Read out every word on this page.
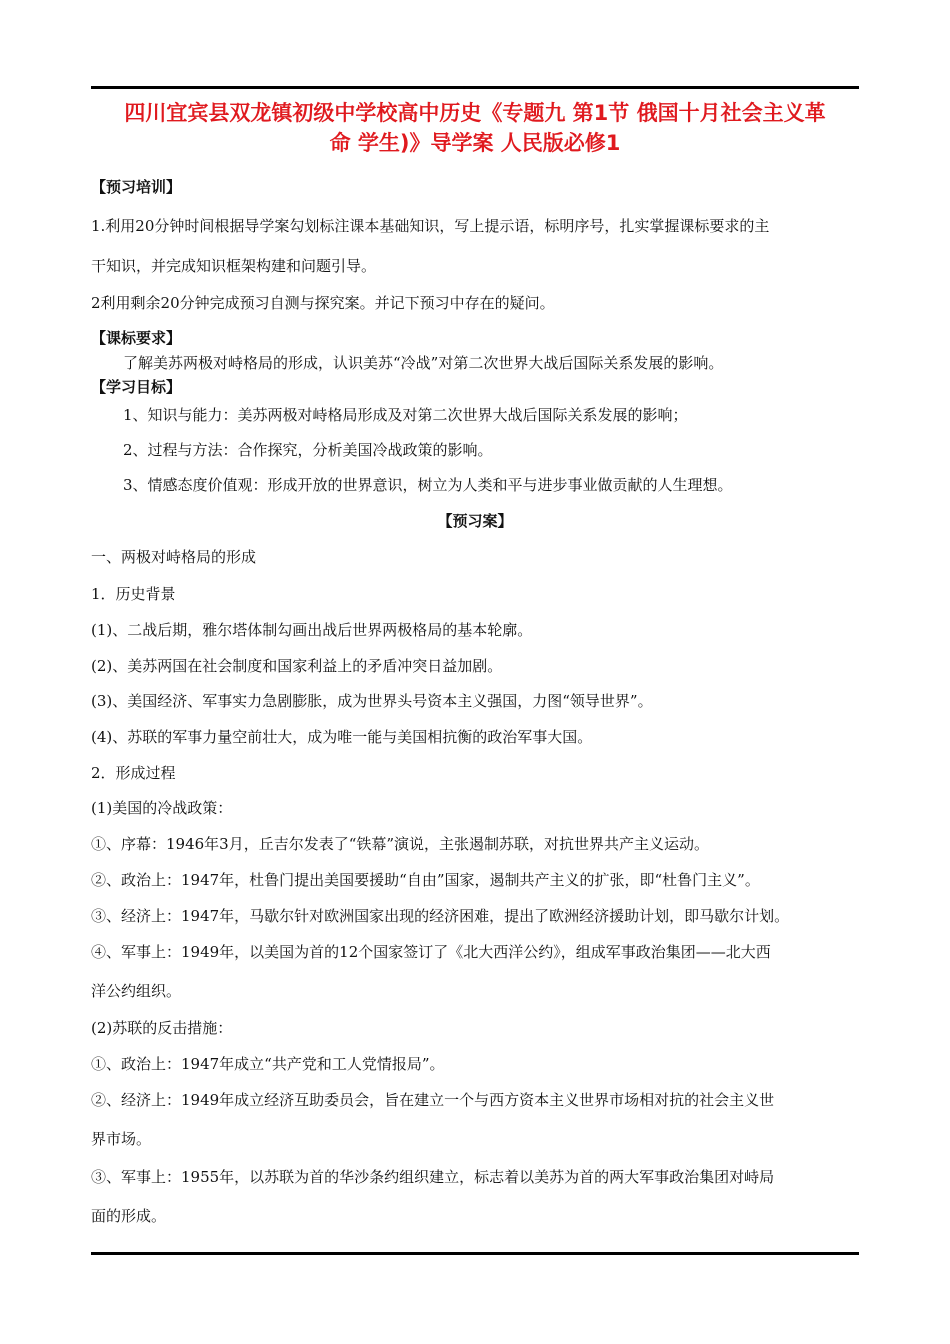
四川宜宾县双龙镇初级中学校高中历史《专题九 第1节 俄国十月社会主义革
命 学生)》导学案 人民版必修1
【预习培训】
1.利用20分钟时间根据导学案勾划标注课本基础知识，写上提示语，标明序号，扎实掌握课标要求的主
干知识，并完成知识框架构建和问题引导。
2利用剩余20分钟完成预习自测与探究案。并记下预习中存在的疑问。
【课标要求】
了解美苏两极对峙格局的形成，认识美苏“冷战”对第二次世界大战后国际关系发展的影响。
【学习目标】
1、知识与能力：美苏两极对峙格局形成及对第二次世界大战后国际关系发展的影响；
2、过程与方法：合作探究，分析美国冷战政策的影响。
3、情感态度价值观：形成开放的世界意识，树立为人类和平与进步事业做贡献的人生理想。
【预习案】
一、两极对峙格局的形成
1．历史背景
(1)、二战后期，雅尔塔体制勾画出战后世界两极格局的基本轮廓。
(2)、美苏两国在社会制度和国家利益上的矛盾冲突日益加剧。
(3)、美国经济、军事实力急剧膨胀，成为世界头号资本主义强国，力图“领导世界”。
(4)、苏联的军事力量空前壮大，成为唯一能与美国相抗衡的政治军事大国。
2．形成过程
(1)美国的冷战政策：
①、序幕：1946年3月，丘吉尔发表了“铁幕”演说，主张遏制苏联，对抗世界共产主义运动。
②、政治上：1947年，杜鲁门提出美国要援助“自由”国家，遏制共产主义的扩张，即“杜鲁门主义”。
③、经济上：1947年，马歇尔针对欧洲国家出现的经济困难，提出了欧洲经济援助计划，即马歇尔计划。
④、军事上：1949年，以美国为首的12个国家签订了《北大西洋公约》，组成军事政治集团——北大西
洋公约组织。
(2)苏联的反击措施：
①、政治上：1947年成立“共产党和工人党情报局”。
②、经济上：1949年成立经济互助委员会，旨在建立一个与西方资本主义世界市场相对抗的社会主义世
界市场。
③、军事上：1955年，以苏联为首的华沙条约组织建立，标志着以美苏为首的两大军事政治集团对峙局
面的形成。
